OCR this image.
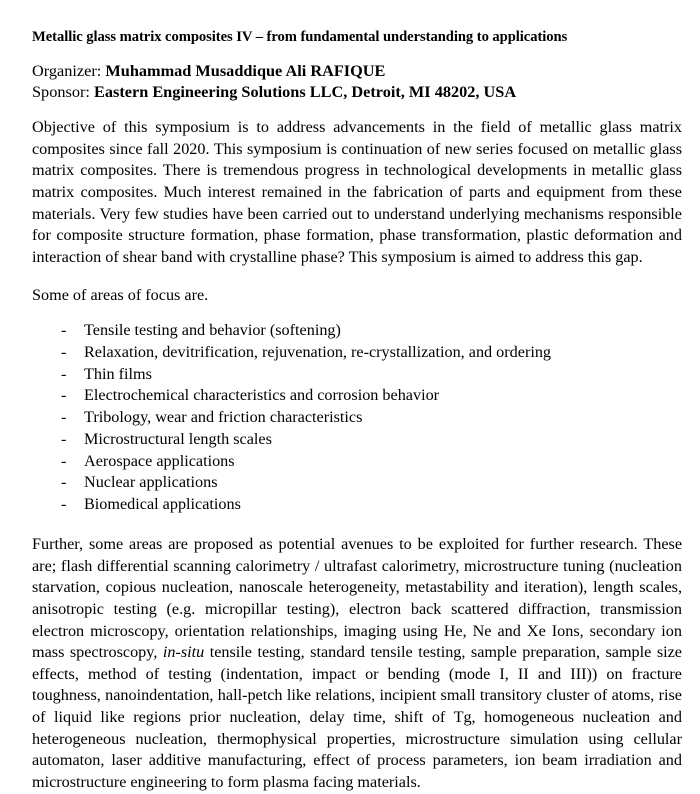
Metallic glass matrix composites IV – from fundamental understanding to applications

Organizer: Muhammad Musaddique Ali RAFIQUE

Sponsor: Eastern Engineering Solutions LLC, Detroit, MI 48202, USA

Objective of this symposium is to address advancements in the field of metallic glass matrix composites since fall 2020. This symposium is continuation of new series focused on metallic glass matrix composites. There is tremendous progress in technological developments in metallic glass matrix composites. Much interest remained in the fabrication of parts and equipment from these materials. Very few studies have been carried out to understand underlying mechanisms responsible for composite structure formation, phase formation, phase transformation, plastic deformation and interaction of shear band with crystalline phase? This symposium is aimed to address this gap.

Some of areas of focus are.

- Tensile testing and behavior (softening)
- Relaxation, devitrification, rejuvenation, re-crystallization, and ordering
- Thin films
- Electrochemical characteristics and corrosion behavior
- Tribology, wear and friction characteristics
- Microstructural length scales
- Aerospace applications
- Nuclear applications
- Biomedical applications

Further, some areas are proposed as potential avenues to be exploited for further research. These are; flash differential scanning calorimetry / ultrafast calorimetry, microstructure tuning (nucleation starvation, copious nucleation, nanoscale heterogeneity, metastability and iteration), length scales, anisotropic testing (e.g. micropillar testing), electron back scattered diffraction, transmission electron microscopy, orientation relationships, imaging using He, Ne and Xe Ions, secondary ion mass spectroscopy, in-situ tensile testing, standard tensile testing, sample preparation, sample size effects, method of testing (indentation, impact or bending (mode I, II and III)) on fracture toughness, nanoindentation, hall-petch like relations, incipient small transitory cluster of atoms, rise of liquid like regions prior nucleation, delay time, shift of Tg, homogeneous nucleation and heterogeneous nucleation, thermophysical properties, microstructure simulation using cellular automaton, laser additive manufacturing, effect of process parameters, ion beam irradiation and microstructure engineering to form plasma facing materials.
